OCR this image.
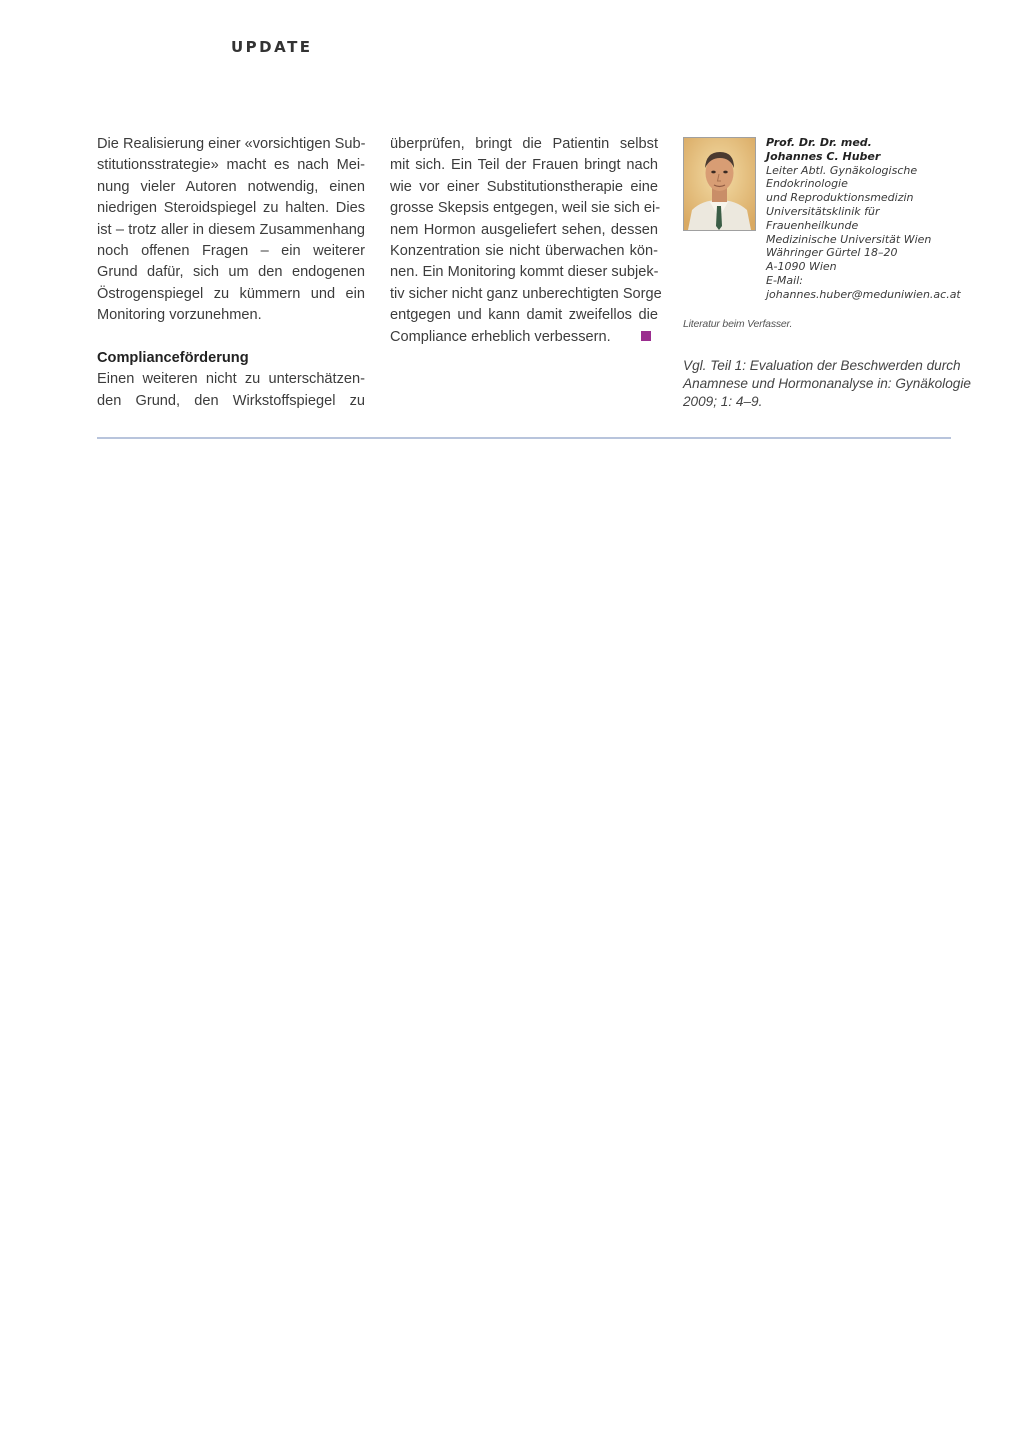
UPDATE
Die Realisierung einer «vorsichtigen Sub-
stitutionsstrategie» macht es nach Mei-
nung vieler Autoren notwendig, einen
niedrigen Steroidspiegel zu halten. Dies
ist – trotz aller in diesem Zusammenhang
noch offenen Fragen – ein weiterer
Grund dafür, sich um den endogenen
Östrogenspiegel zu kümmern und ein
Monitoring vorzunehmen.
Complianceförderung
Einen weiteren nicht zu unterschätzen-
den Grund, den Wirkstoffspiegel zu
überprüfen, bringt die Patientin selbst
mit sich. Ein Teil der Frauen bringt nach
wie vor einer Substitutionstherapie eine
grosse Skepsis entgegen, weil sie sich ei-
nem Hormon ausgeliefert sehen, dessen
Konzentration sie nicht überwachen kön-
nen. Ein Monitoring kommt dieser subjek-
tiv sicher nicht ganz unberechtigten Sorge
entgegen und kann damit zweifellos die
Compliance erheblich verbessern.
Prof. Dr. Dr. med.
Johannes C. Huber
Leiter Abtl. Gynäkologische
Endokrinologie
und Reproduktionsmedizin
Universitätsklinik für
Frauenheilkunde
Medizinische Universität Wien
Währinger Gürtel 18–20
A-1090 Wien
E-Mail:
johannes.huber@meduniwien.ac.at
Literatur beim Verfasser.
Vgl. Teil 1: Evaluation der Beschwerden durch
Anamnese und Hormonanalyse in: Gynäkologie
2009; 1: 4–9.
